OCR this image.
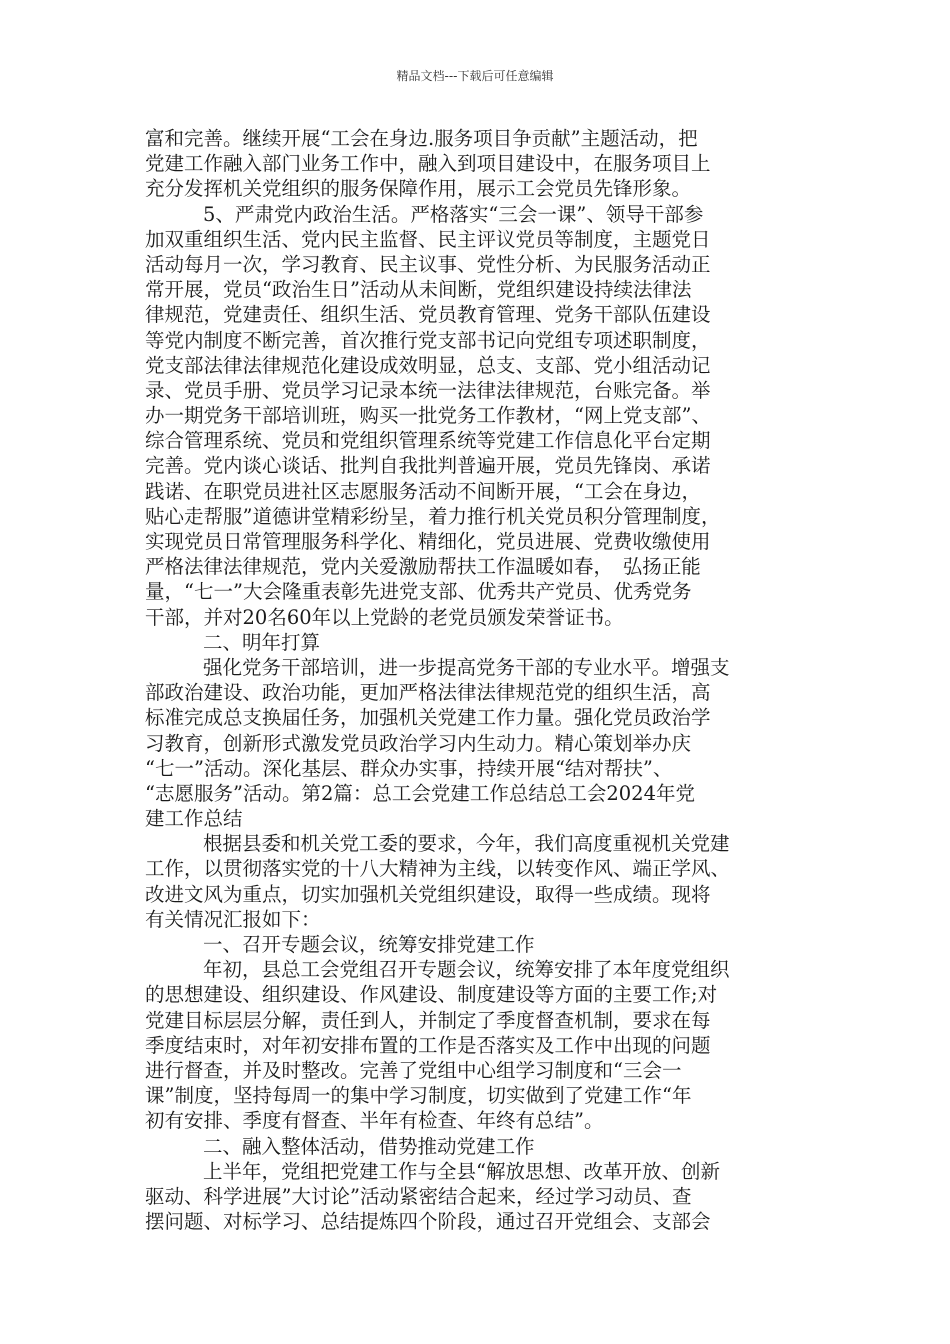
精品文档---下载后可任意编辑
富和完善。继续开展“工会在身边.服务项目争贡献”主题活动，把
党建工作融入部门业务工作中，融入到项目建设中，在服务项目上
充分发挥机关党组织的服务保障作用，展示工会党员先锋形象。
5、严肃党内政治生活。严格落实“三会一课”、领导干部参
加双重组织生活、党内民主监督、民主评议党员等制度，主题党日
活动每月一次，学习教育、民主议事、党性分析、为民服务活动正
常开展，党员“政治生日”活动从未间断，党组织建设持续法律法
律规范，党建责任、组织生活、党员教育管理、党务干部队伍建设
等党内制度不断完善，首次推行党支部书记向党组专项述职制度，
党支部法律法律规范化建设成效明显，总支、支部、党小组活动记
录、党员手册、党员学习记录本统一法律法律规范，台账完备。举
办一期党务干部培训班，购买一批党务工作教材，“网上党支部”、
综合管理系统、党员和党组织管理系统等党建工作信息化平台定期
完善。党内谈心谈话、批判自我批判普遍开展，党员先锋岗、承诺
践诺、在职党员进社区志愿服务活动不间断开展，“工会在身边，
贴心走帮服”道德讲堂精彩纷呈，着力推行机关党员积分管理制度，
实现党员日常管理服务科学化、精细化，党员进展、党费收缴使用
严格法律法律规范，党内关爱激励帮扶工作温暖如春，　弘扬正能
量，“七一”大会隆重表彰先进党支部、优秀共产党员、优秀党务
干部，并对20名60年以上党龄的老党员颁发荣誉证书。
二、明年打算
强化党务干部培训，进一步提高党务干部的专业水平。增强支
部政治建设、政治功能，更加严格法律法律规范党的组织生活，高
标准完成总支换届任务，加强机关党建工作力量。强化党员政治学
习教育，创新形式激发党员政治学习内生动力。精心策划举办庆
“七一”活动。深化基层、群众办实事，持续开展“结对帮扶”、
“志愿服务”活动。第2篇：总工会党建工作总结总工会2024年党
建工作总结
根据县委和机关党工委的要求，今年，我们高度重视机关党建
工作，以贯彻落实党的十八大精神为主线，以转变作风、端正学风、
改进文风为重点，切实加强机关党组织建设，取得一些成绩。现将
有关情况汇报如下：
一、召开专题会议，统筹安排党建工作
年初，县总工会党组召开专题会议，统筹安排了本年度党组织
的思想建设、组织建设、作风建设、制度建设等方面的主要工作;对
党建目标层层分解，责任到人，并制定了季度督查机制，要求在每
季度结束时，对年初安排布置的工作是否落实及工作中出现的问题
进行督查，并及时整改。完善了党组中心组学习制度和“三会一
课”制度，坚持每周一的集中学习制度，切实做到了党建工作“年
初有安排、季度有督查、半年有检查、年终有总结”。
二、融入整体活动，借势推动党建工作
上半年，党组把党建工作与全县“解放思想、改革开放、创新
驱动、科学进展”大讨论”活动紧密结合起来，经过学习动员、查
摆问题、对标学习、总结提炼四个阶段，通过召开党组会、支部会
